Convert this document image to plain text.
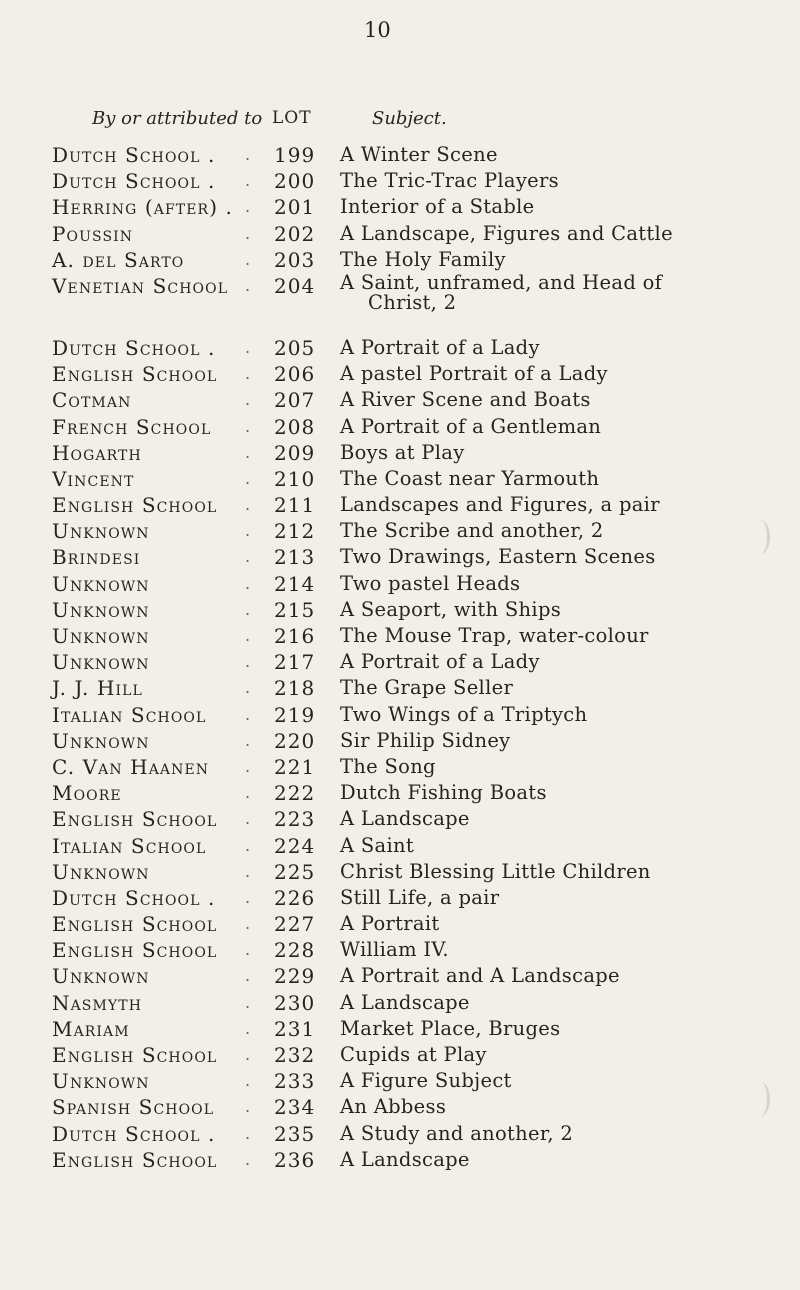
10
By or attributed to LOT	Subject.
Dutch School . .	199	A Winter Scene
Dutch School . .	200	The Tric-Trac Players
Herring (after) . .	201	Interior of a Stable
Poussin	.	202	A Landscape, Figures and Cattle
A. del Sarto	.	203	The Holy Family
Venetian School .	204	A Saint, unframed, and Head of
Christ, 2
Dutch School . .	205	A Portrait of a Lady
English School .	206	A pastel Portrait of a Lady
Cotman	.	207	A River Scene and Boats
French School .	208	A Portrait of a Gentleman
Hogarth	.	209	Boys at Play
Vincent	.	210	The Coast near Yarmouth
English School .	211	Landscapes and Figures, a pair
Unknown	.	212	The Scribe and another, 2
Brindesi	.	213	Two Drawings, Eastern Scenes
Unknown	.	214	Two pastel Heads
Unknown	.	215	A Seaport, with Ships
Unknown	.	216	The Mouse Trap, water-colour
Unknown	.	217	A Portrait of a Lady
J. J. Hill	.	218	The Grape Seller
Italian School .	219	Two Wings of a Triptych
Unknown	.	220	Sir Philip Sidney
C. Van Haanen .	221	The Song
Moore	.	222	Dutch Fishing Boats
English School .	223	A Landscape
Italian School .	224	A Saint
Unknown	.	225	Christ Blessing Little Children
Dutch School . .	226	Still Life, a pair
English School .	227	A Portrait
English School .	228	William IV.
Unknown	.	229	A Portrait and A Landscape
Nasmyth	.	230	A Landscape
Mariam	.	231	Market Place, Bruges
English School .	232	Cupids at Play
Unknown	.	233	A Figure Subject
Spanish School .	234	An Abbess
Dutch School . .	235	A Study and another, 2
English School .	236	A Landscape
